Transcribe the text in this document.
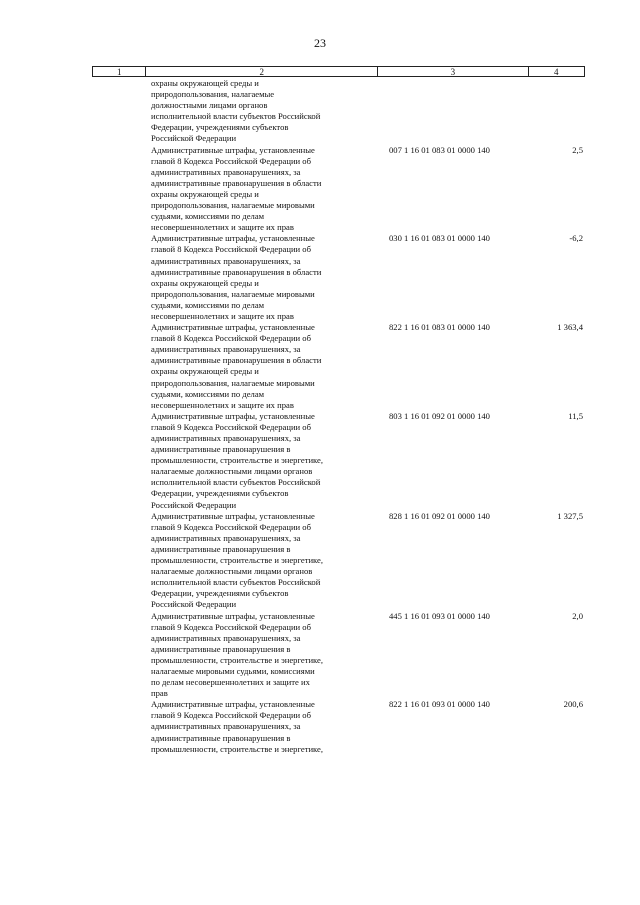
23
1	2	3	4
охраны окружающей среды и
природопользования, налагаемые
должностными лицами органов
исполнительной власти субъектов Российской
Федерации, учреждениями субъектов
Российской Федерации
Административные штрафы, установленные
главой 8 Кодекса Российской Федерации об
административных правонарушениях, за
административные правонарушения в области
охраны окружающей среды и
природопользования, налагаемые мировыми
судьями, комиссиями по делам
несовершеннолетних и защите их прав
007 1 16 01 083 01 0000 140	2,5
Административные штрафы, установленные
главой 8 Кодекса Российской Федерации об
административных правонарушениях, за
административные правонарушения в области
охраны окружающей среды и
природопользования, налагаемые мировыми
судьями, комиссиями по делам
несовершеннолетних и защите их прав
030 1 16 01 083 01 0000 140	-6,2
Административные штрафы, установленные
главой 8 Кодекса Российской Федерации об
административных правонарушениях, за
административные правонарушения в области
охраны окружающей среды и
природопользования, налагаемые мировыми
судьями, комиссиями по делам
несовершеннолетних и защите их прав
822 1 16 01 083 01 0000 140	1 363,4
Административные штрафы, установленные
главой 9 Кодекса Российской Федерации об
административных правонарушениях, за
административные правонарушения в
промышленности, строительстве и энергетике,
налагаемые должностными лицами органов
исполнительной власти субъектов Российской
Федерации, учреждениями субъектов
Российской Федерации
803 1 16 01 092 01 0000 140	11,5
Административные штрафы, установленные
главой 9 Кодекса Российской Федерации об
административных правонарушениях, за
административные правонарушения в
промышленности, строительстве и энергетике,
налагаемые должностными лицами органов
исполнительной власти субъектов Российской
Федерации, учреждениями субъектов
Российской Федерации
828 1 16 01 092 01 0000 140	1 327,5
Административные штрафы, установленные
главой 9 Кодекса Российской Федерации об
административных правонарушениях, за
административные правонарушения в
промышленности, строительстве и энергетике,
налагаемые мировыми судьями, комиссиями
по делам несовершеннолетних и защите их
прав
445 1 16 01 093 01 0000 140	2,0
Административные штрафы, установленные
главой 9 Кодекса Российской Федерации об
административных правонарушениях, за
административные правонарушения в
промышленности, строительстве и энергетике,
822 1 16 01 093 01 0000 140	200,6
